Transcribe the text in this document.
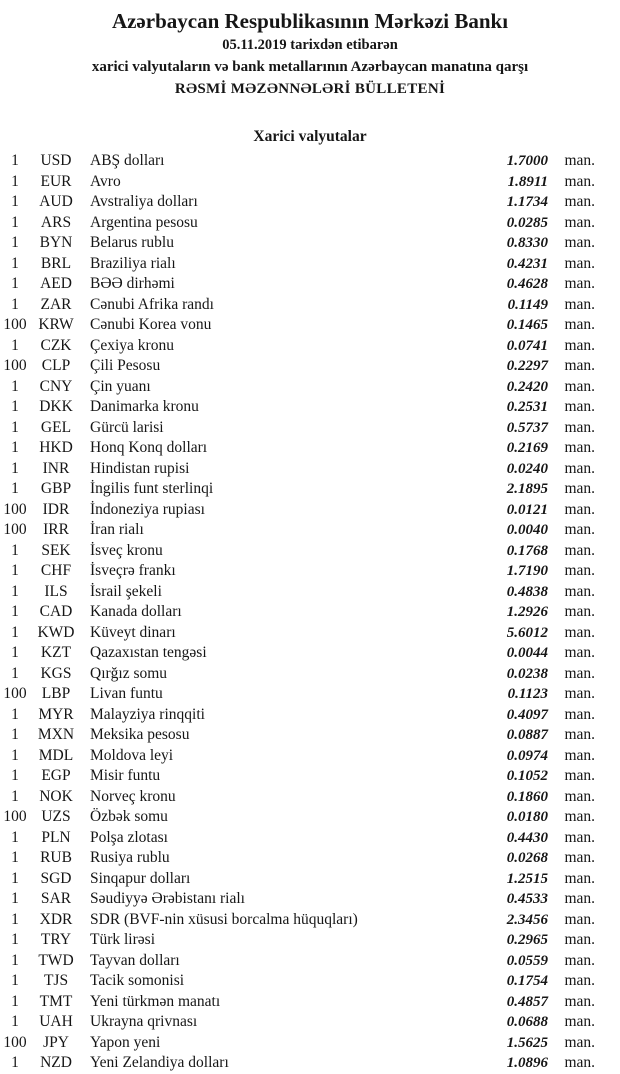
Azərbaycan Respublikasının Mərkəzi Bankı
05.11.2019 tarixdən etibarən
xarici valyutaların və bank metallarının Azərbaycan manatına qarşı
RƏSMİ MƏZƏNNƏLƏRİ BÜLLETENİ
Xarici valyutalar
1	USD	ABŞ dolları	1.7000	man.
1	EUR	Avro	1.8911	man.
1	AUD	Avstraliya dolları	1.1734	man.
1	ARS	Argentina pesosu	0.0285	man.
1	BYN	Belarus rublu	0.8330	man.
1	BRL	Braziliya rialı	0.4231	man.
1	AED	BƏƏ dirhəmi	0.4628	man.
1	ZAR	Cənubi Afrika randı	0.1149	man.
100 KRW	Cənubi Korea vonu	0.1465	man.
1	CZK	Çexiya kronu	0.0741	man.
100 CLP	Çili Pesosu	0.2297	man.
1	CNY	Çin yuanı	0.2420	man.
1	DKK	Danimarka kronu	0.2531	man.
1	GEL	Gürcü larisi	0.5737	man.
1	HKD	Honq Konq dolları	0.2169	man.
1	INR	Hindistan rupisi	0.0240	man.
1	GBP	İngilis funt sterlinqi	2.1895	man.
100	IDR	İndoneziya rupiası	0.0121	man.
100	IRR	İran rialı	0.0040	man.
1	SEK	İsveç kronu	0.1768	man.
1	CHF	İsveçrə frankı	1.7190	man.
1	ILS	İsrail şekeli	0.4838	man.
1	CAD	Kanada dolları	1.2926	man.
1	KWD Küveyt dinarı	5.6012	man.
1	KZT	Qazaxıstan tengəsi	0.0044	man.
1	KGS	Qırğız somu	0.0238	man.
100 LBP	Livan funtu	0.1123	man.
1	MYR	Malayziya rinqqiti	0.4097	man.
1	MXN	Meksika pesosu	0.0887	man.
1	MDL	Moldova leyi	0.0974	man.
1	EGP	Misir funtu	0.1052	man.
1	NOK	Norveç kronu	0.1860	man.
100 UZS	Özbək somu	0.0180	man.
1	PLN	Polşa zlotası	0.4430	man.
1	RUB	Rusiya rublu	0.0268	man.
1	SGD	Sinqapur dolları	1.2515	man.
1	SAR	Səudiyyə Ərəbistanı rialı	0.4533	man.
1	XDR	SDR (BVF-nin xüsusi borcalma hüquqları)	2.3456	man.
1	TRY	Türk lirəsi	0.2965	man.
1	TWD	Tayvan dolları	0.0559	man.
1	TJS	Tacik somonisi	0.1754	man.
1	TMT	Yeni türkmən manatı	0.4857	man.
1	UAH	Ukrayna qrivnası	0.0688	man.
100	JPY	Yapon yeni	1.5625	man.
1	NZD	Yeni Zelandiya dolları	1.0896	man.
